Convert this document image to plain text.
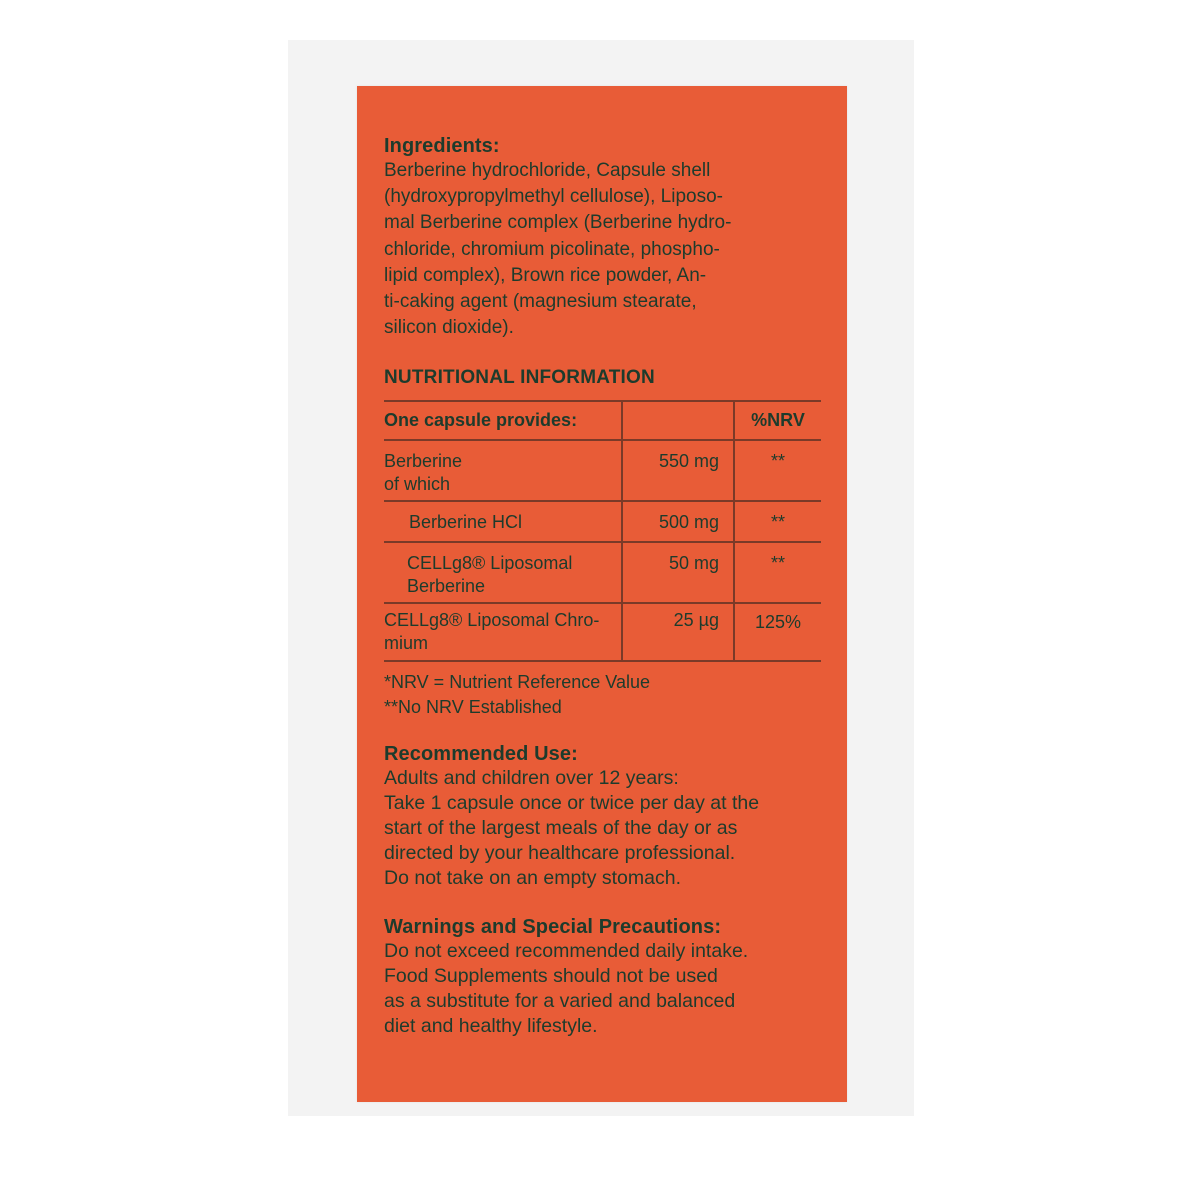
Ingredients:
Berberine hydrochloride, Capsule shell
(hydroxypropylmethyl cellulose), Liposo-
mal Berberine complex (Berberine hydro-
chloride, chromium picolinate, phospho-
lipid complex), Brown rice powder, An-
ti-caking agent (magnesium stearate,
silicon dioxide).
NUTRITIONAL INFORMATION
One capsule provides:		%NRV

Berberine
of which	550 mg	**

Berberine HCl	500 mg	**

CELLg8® Liposomal
Berberine	50 mg	**

CELLg8® Liposomal Chro-
mium	25 µg	125%
*NRV = Nutrient Reference Value
**No NRV Established
Recommended Use:
Adults and children over 12 years:
Take 1 capsule once or twice per day at the
start of the largest meals of the day or as
directed by your healthcare professional.
Do not take on an empty stomach.
Warnings and Special Precautions:
Do not exceed recommended daily intake.
Food Supplements should not be used
as a substitute for a varied and balanced
diet and healthy lifestyle.
